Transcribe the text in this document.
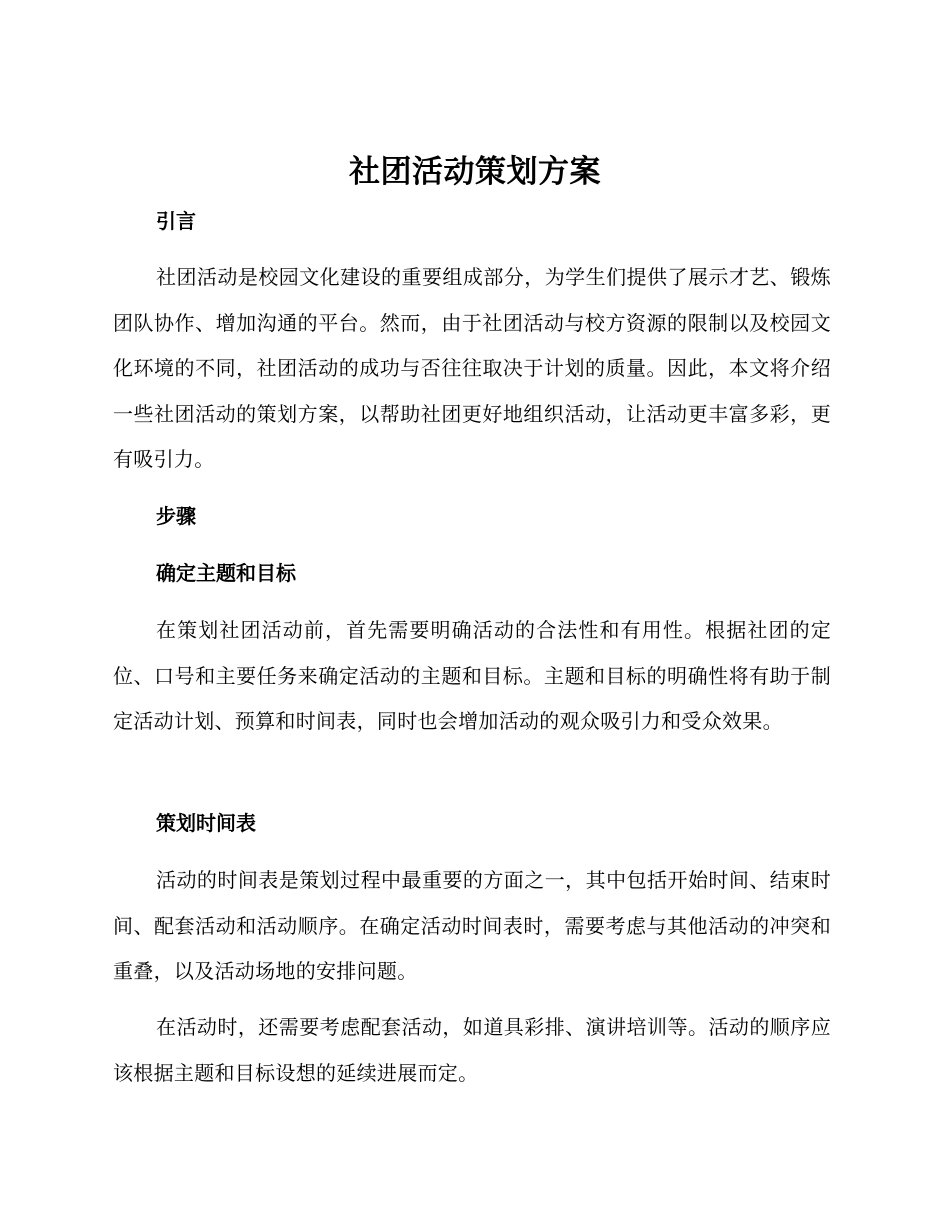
社团活动策划方案

引言

社团活动是校园文化建设的重要组成部分，为学生们提供了展示才艺、锻炼团队协作、增加沟通的平台。然而，由于社团活动与校方资源的限制以及校园文化环境的不同，社团活动的成功与否往往取决于计划的质量。因此，本文将介绍一些社团活动的策划方案，以帮助社团更好地组织活动，让活动更丰富多彩，更有吸引力。

步骤

确定主题和目标

在策划社团活动前，首先需要明确活动的合法性和有用性。根据社团的定位、口号和主要任务来确定活动的主题和目标。主题和目标的明确性将有助于制定活动计划、预算和时间表，同时也会增加活动的观众吸引力和受众效果。

策划时间表

活动的时间表是策划过程中最重要的方面之一，其中包括开始时间、结束时间、配套活动和活动顺序。在确定活动时间表时，需要考虑与其他活动的冲突和重叠，以及活动场地的安排问题。

在活动时，还需要考虑配套活动，如道具彩排、演讲培训等。活动的顺序应该根据主题和目标设想的延续进展而定。
